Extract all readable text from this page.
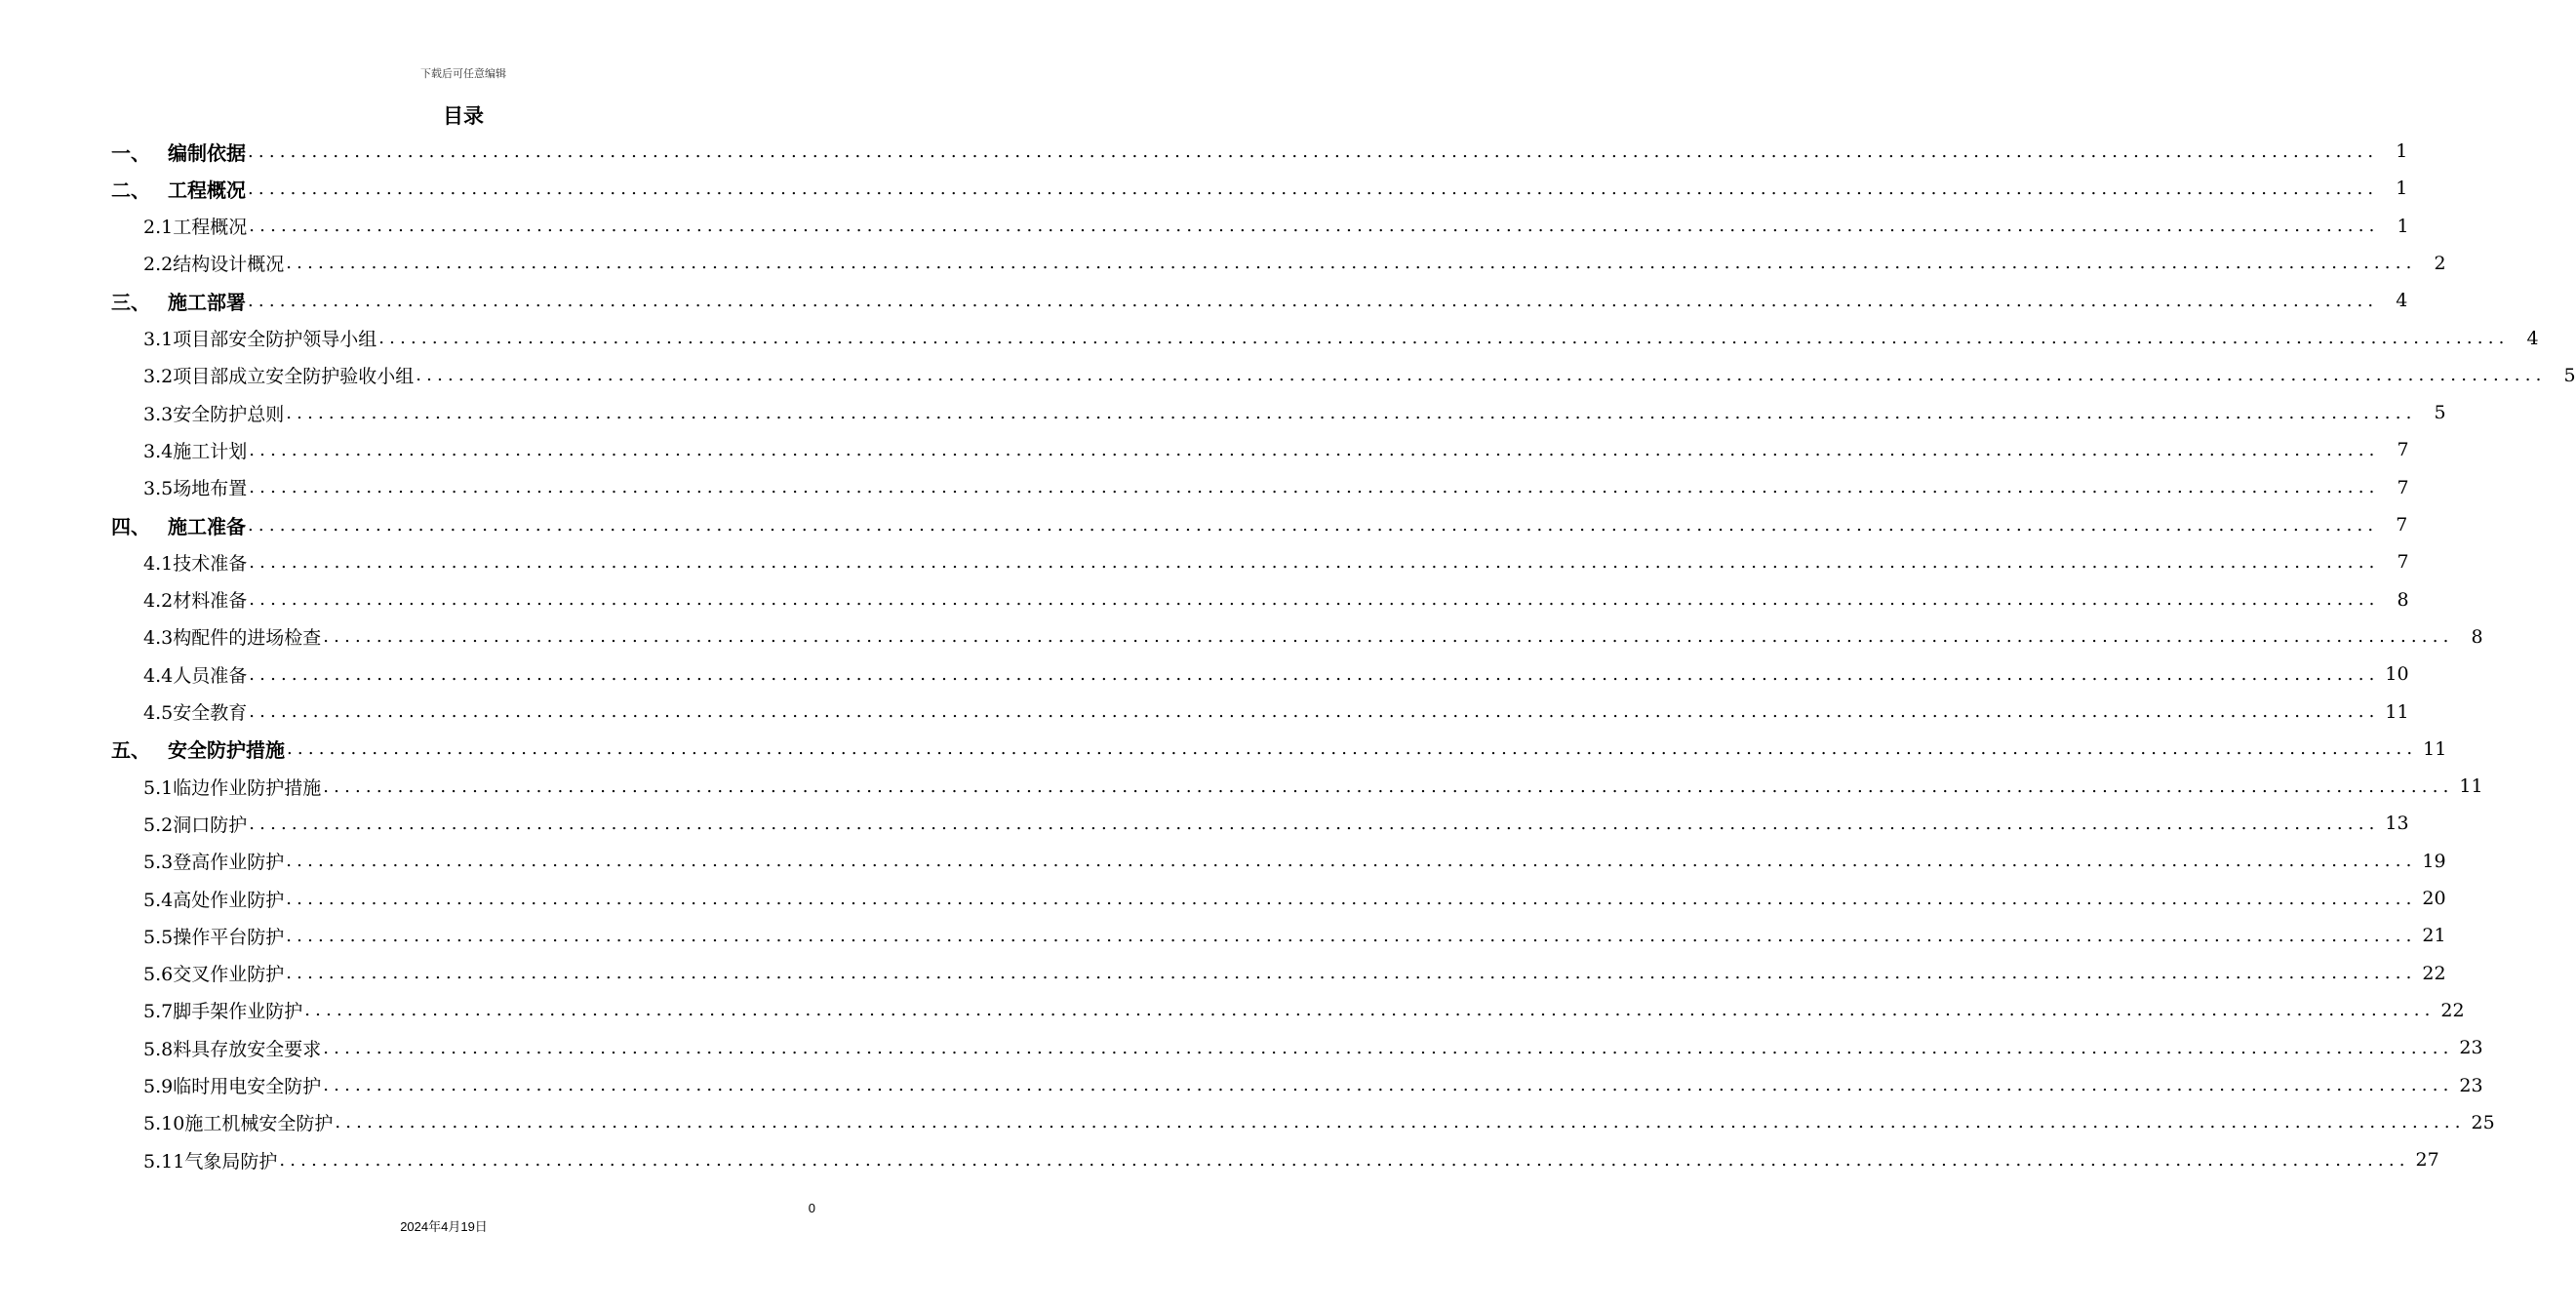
下载后可任意编辑
目录
一、 编制依据 ........................................................................................................................................................................................................ 1
二、 工程概况 ........................................................................................................................................................................................................ 1
2.1工程概况 ........................................................................................................................................................................................................ 1
2.2结构设计概况 ........................................................................................................................................................................................................ 2
三、 施工部署 ........................................................................................................................................................................................................ 4
3.1项目部安全防护领导小组 ........................................................................................................................................................................................................ 4
3.2项目部成立安全防护验收小组 ........................................................................................................................................................................................................ 5
3.3安全防护总则 ........................................................................................................................................................................................................ 5
3.4施工计划 ........................................................................................................................................................................................................ 7
3.5场地布置 ........................................................................................................................................................................................................ 7
四、 施工准备 ........................................................................................................................................................................................................ 7
4.1技术准备 ........................................................................................................................................................................................................ 7
4.2材料准备 ........................................................................................................................................................................................................ 8
4.3构配件的进场检查 ........................................................................................................................................................................................................ 8
4.4人员准备 ........................................................................................................................................................................................................ 10
4.5安全教育 ........................................................................................................................................................................................................ 11
五、 安全防护措施 ........................................................................................................................................................................................................ 11
5.1临边作业防护措施 ........................................................................................................................................................................................................ 11
5.2洞口防护 ........................................................................................................................................................................................................ 13
5.3登高作业防护 ........................................................................................................................................................................................................ 19
5.4高处作业防护 ........................................................................................................................................................................................................ 20
5.5操作平台防护 ........................................................................................................................................................................................................ 21
5.6交叉作业防护 ........................................................................................................................................................................................................ 22
5.7脚手架作业防护 ........................................................................................................................................................................................................ 22
5.8料具存放安全要求 ........................................................................................................................................................................................................ 23
5.9临时用电安全防护 ........................................................................................................................................................................................................ 23
5.10施工机械安全防护 ........................................................................................................................................................................................................ 25
5.11气象局防护 ........................................................................................................................................................................................................ 27
0
2024年4月19日
